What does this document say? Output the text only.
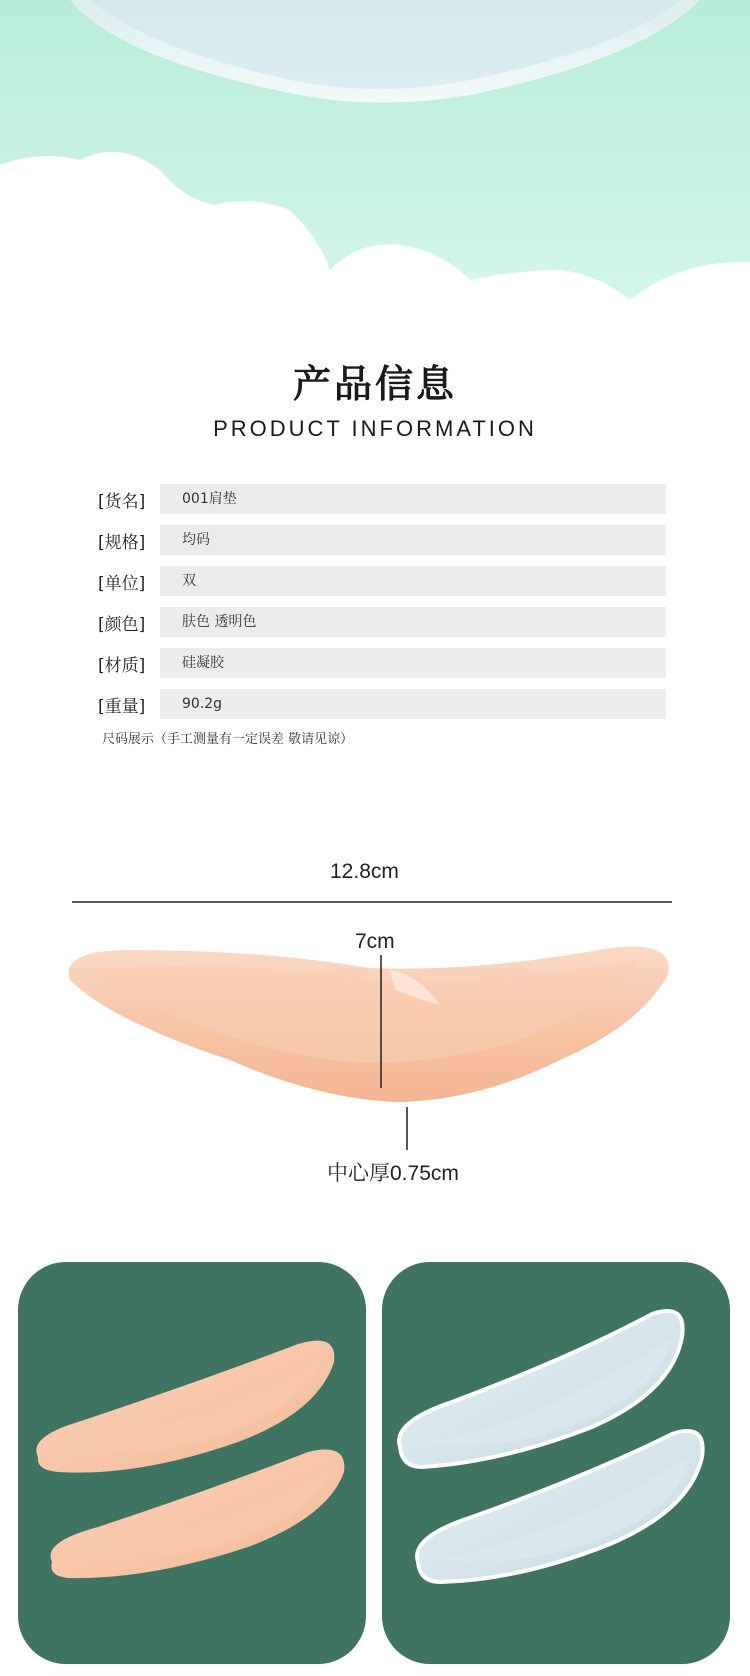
产品信息
PRODUCT INFORMATION
[货名]	001肩垫
[规格]	均码
[单位]	双
[颜色]	肤色 透明色
[材质]	硅凝胶
[重量]	90.2g
尺码展示（手工测量有一定误差 敬请见谅）
12.8cm
7cm
中心厚0.75cm
